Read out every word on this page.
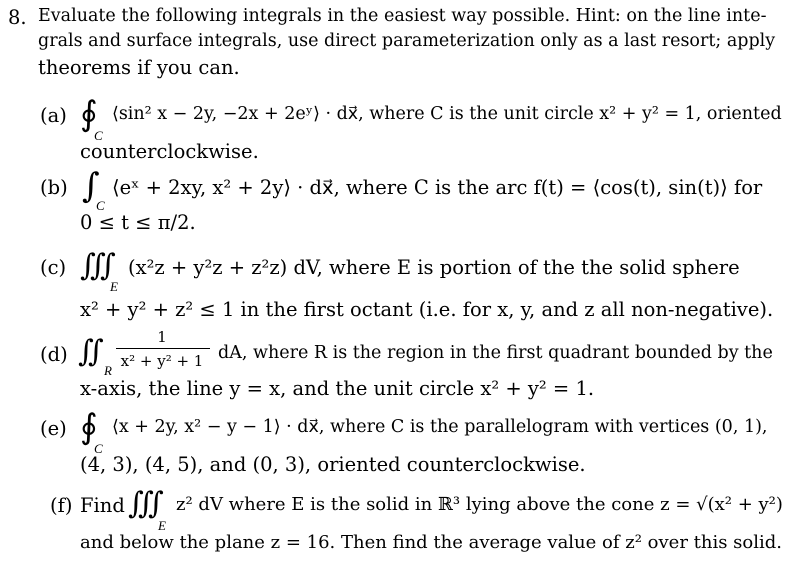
8. Evaluate the following integrals in the easiest way possible. Hint: on the line inte-
grals and surface integrals, use direct parameterization only as a last resort; apply
theorems if you can.
(a) ∮
C
⟨sin² x − 2y, −2x + 2eʸ⟩ · dx⃗, where C is the unit circle x² + y² = 1, oriented
counterclockwise.
(b) ∫
C
⟨eˣ + 2xy, x² + 2y⟩ · dx⃗, where C is the arc f(t) = ⟨cos(t), sin(t)⟩ for
0 ≤ t ≤ π/2.
(c) ∭
E
(x²z + y²z + z²z) dV, where E is portion of the the solid sphere
x² + y² + z² ≤ 1 in the first octant (i.e. for x, y, and z all non-negative).
(d) ∬
R
1
x² + y² + 1 dA, where R is the region in the first quadrant bounded by the
x-axis, the line y = x, and the unit circle x² + y² = 1.
(e) ∮
C
⟨x + 2y, x² − y − 1⟩ · dx⃗, where C is the parallelogram with vertices (0, 1),
(4, 3), (4, 5), and (0, 3), oriented counterclockwise.
(f) Find ∭
E
z² dV where E is the solid in ℝ³ lying above the cone z = √(x² + y²)
and below the plane z = 16. Then find the average value of z² over this solid.
